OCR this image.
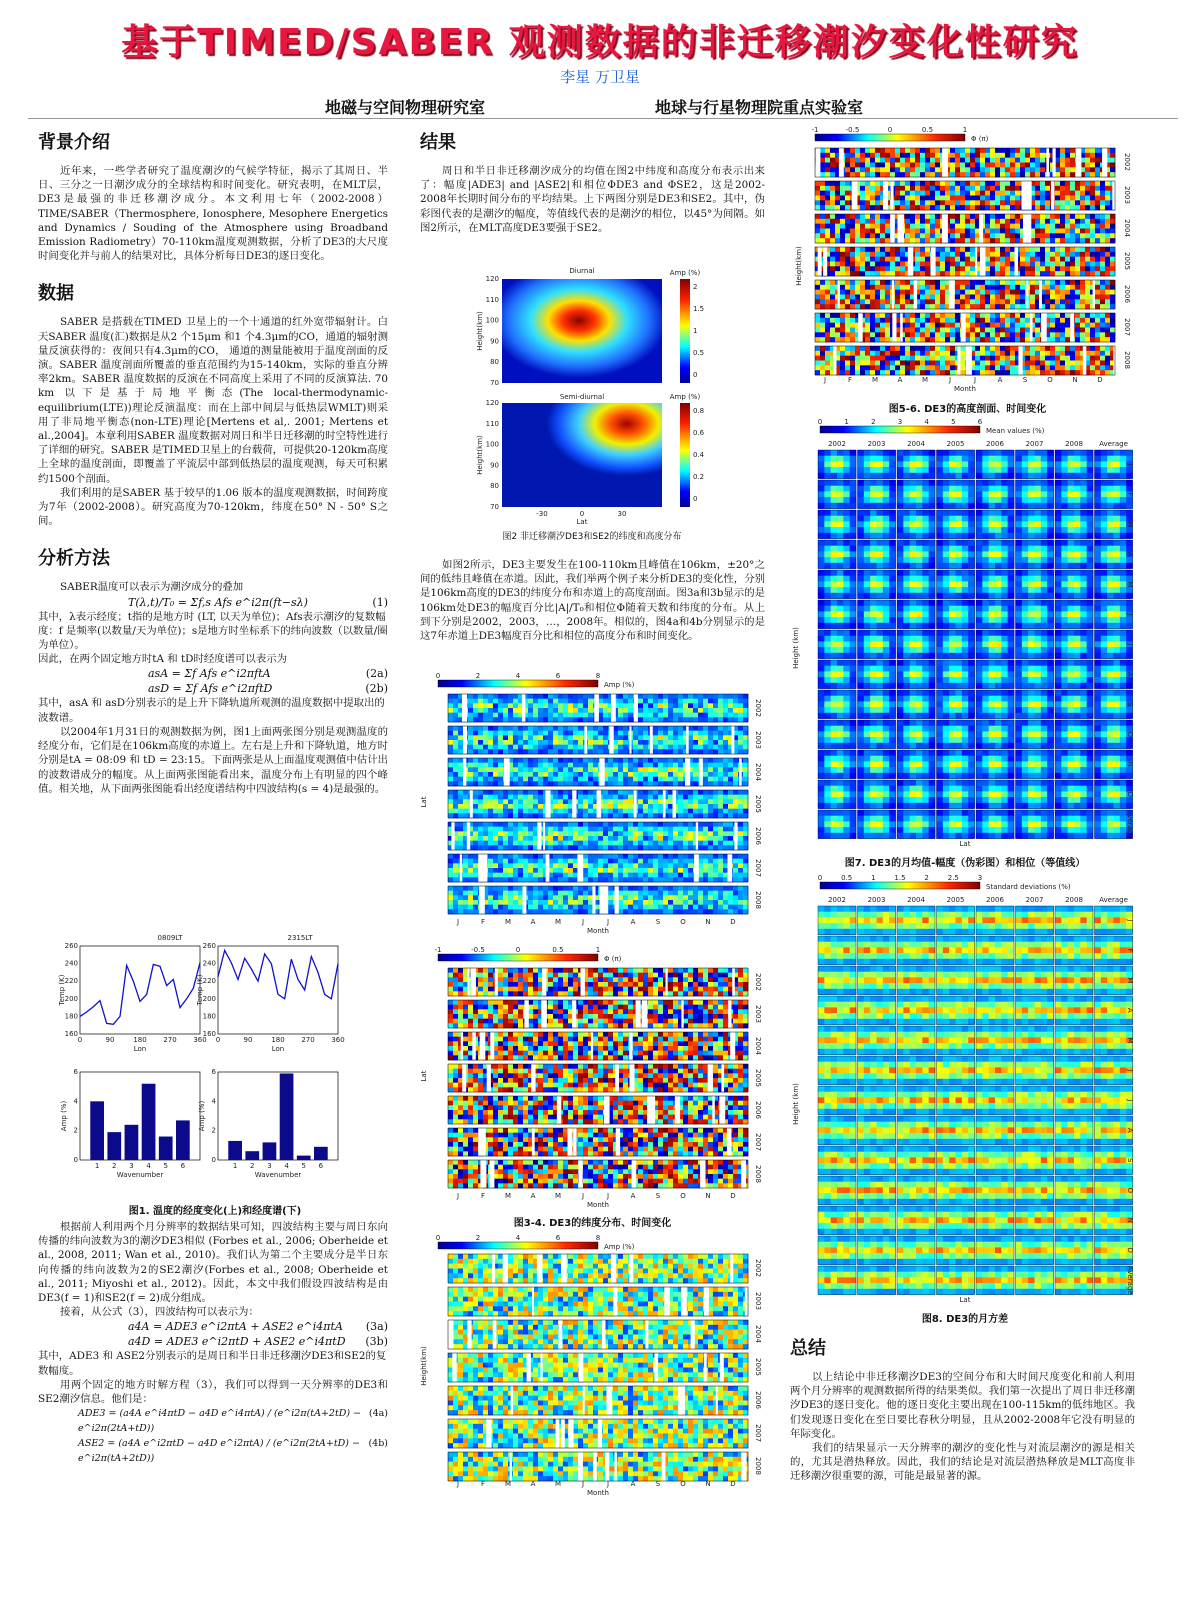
基于TIMED/SABER 观测数据的非迁移潮汐变化性研究
李星 万卫星
地磁与空间物理研究室	地球与行星物理院重点实验室
背景介绍

近年来，一些学者研究了温度潮汐的气候学特征，揭示了其周日、半日、三分之一日潮汐成分的全球结构和时间变化。研究表明，在MLT层，DE3是最强的非迁移潮汐成分。本文利用七年（2002-2008）TIME/SABER（Thermosphere, Ionosphere, Mesophere Energetics and Dynamics / Souding of the Atmosphere using Broadband Emission Radiometry）70-110km温度观测数据，分析了DE3的大尺度时间变化并与前人的结果对比，具体分析每日DE3的逐日变化。

数据

SABER 是搭载在TIMED 卫星上的一个十通道的红外宽带辐射计。白天SABER 温度(汇)数据是从2 个15μm 和1 个4.3μm的CO，通道的辐射测量反演获得的：夜间只有4.3μm的CO， 通道的测量能被用于温度剖面的反演。SABER 温度剖面所覆盖的垂直范围约为15-140km，实际的垂直分辨率2km。SABER 温度数据的反演在不同高度上采用了不同的反演算法. 70 km 以下是基于局地平衡态(The local-thermodynamic-equilibrium(LTE))理论反演温度：而在上部中间层与低热层WMLT)则采用了非局地平衡态(non-LTE)理论[Mertens et al,. 2001; Mertens et al.,2004]。本章利用SABER 温度数据对周日和半日迁移潮的时空特性进行了详细的研究。SABER 是TIMED卫星上的台载荷，可提供20-120km高度上全球的温度剖面，即覆盖了平流层中部到低热层的温度观测，每天可积累约1500个剖面。

我们利用的是SABER 基于较早的1.06 版本的温度观测数据，时间跨度为7年（2002-2008）。研究高度为70-120km，纬度在50° N - 50° S之间。

分析方法

SABER温度可以表示为潮汐成分的叠加

T(λ,t)/T₀ = Σf,s Afs e^i2π(ft−sλ)	(1)

其中，λ表示经度；t指的是地方时 (LT, 以天为单位)；Afs表示潮汐的复数幅度：f 是频率(以数量/天为单位)；s是地方时坐标系下的纬向波数（以数量/圈为单位）。

因此，在两个固定地方时tA 和 tD时经度谱可以表示为

asA = Σf Afs e^i2πftA	(2a)
asD = Σf Afs e^i2πftD	(2b)

其中，asA 和 asD分别表示的是上升下降轨道所观测的温度数据中提取出的波数谱。

以2004年1月31日的观测数据为例，图1上面两张图分别是观测温度的经度分布，它们是在106km高度的赤道上。左右是上升和下降轨道，地方时分别是tA = 08:09 和 tD = 23:15。下面两张是从上面温度观测值中估计出的波数谱成分的幅度。从上面两张图能看出来，温度分布上有明显的四个峰值。相关地，从下面两张图能看出经度谱结构中四波结构(s = 4)是最强的。

0809LT	2315LT
0	90	180 270 360
160
180
200
220
240
260
Lon
Temp (K)
0	90	180 270 360
160
180
200
220
240
260
Lon
Temp (K)
1 2 3 4 5 6
0
2
4
6
Wavenumber
Amp (%)
1 2 3 4 5 6
0
2
4
6
Wavenumber
Amp (%)
图1. 温度的经度变化(上)和经度谱(下)

根据前人利用两个月分辨率的数据结果可知，四波结构主要与周日东向传播的纬向波数为3的潮汐DE3相似 (Forbes et al., 2006; Oberheide et al., 2008, 2011; Wan et al., 2010)。我们认为第二个主要成分是半日东向传播的纬向波数为2的SE2潮汐(Forbes et al., 2008; Oberheide et al., 2011; Miyoshi et al., 2012)。因此，本文中我们假设四波结构是由DE3(f = 1)和SE2(f = 2)成分组成。

接着，从公式（3），四波结构可以表示为：

a4A = ADE3 e^i2πtA + ASE2 e^i4πtA (3a)
a4D = ADE3 e^i2πtD + ASE2 e^i4πtD (3b)

其中，ADE3 和 ASE2分别表示的是周日和半日非迁移潮汐DE3和SE2的复数幅度。

用两个固定的地方时解方程（3），我们可以得到一天分辨率的DE3和SE2潮汐信息。他们是：

ADE3 = (a4A e^i4πtD − a4D e^i4πtA) / (e^i2π(tA+2tD) − e^i2π(2tA+tD))
(4a)
ASE2 = (a4A e^i2πtD − a4D e^i2πtA) / (e^i2π(2tA+tD) − e^i2π(tA+2tD))
(4b)
结果

周日和半日非迁移潮汐成分的均值在图2中纬度和高度分布表示出来了：幅度|ADE3| and |ASE2|和相位ΦDE3 and ΦSE2，这是2002-2008年长期时间分布的平均结果。上下两图分别是DE3和SE2。其中，伪彩图代表的是潮汐的幅度，等值线代表的是潮汐的相位，以45°为间隔。如图2所示，在MLT高度DE3要强于SE2。

Diurnal	Amp (%)
Semi-diurnal	Amp (%)
120
110
100
90
80
70
Height(km)
2
1.5
1
0.5
0
120
110
100
90
80
70
Height(km)
0.8
0.6
0.4
0.2
0
-30	0	30
Lat
图2 非迁移潮汐DE3和SE2的纬度和高度分布

如图2所示，DE3主要发生在100-110km且峰值在106km，±20°之间的低纬且峰值在赤道。因此，我们举两个例子来分析DE3的变化性，分别是106km高度的DE3的纬度分布和赤道上的高度剖面。图3a和3b显示的是106km处DE3的幅度百分比|A|/T₀和相位Φ随着天数和纬度的分布。从上到下分别是2002，2003，…，2008年。相似的，图4a和4b分别显示的是这7年赤道上DE3幅度百分比和相位的高度分布和时间变化。

0	2	4	6	8
Amp (%)
2002
2003
2004
2005
2006
2007
2008
J	F	M	A	M	J	J	A	S	O	N	D
Month
Lat
-1	-0.5	0	0.5	1
Φ (π)
2002
2003
2004
2005
2006
2007
2008
J	F	M	A	M	J	J	A	S	O	N	D
Month
Lat
图3-4. DE3的纬度分布、时间变化
0	2	4	6	8
Amp (%)
2002
2003
2004
2005
2006
2007
2008
J	F	M	A	M	J	J	A	S	O	N	D
Month
Height(km)
-1	-0.5	0	0.5	1
Φ (π)
2002
2003
2004
2005
2006
2007
2008
J	F	M	A	M	J	J	A	S	O	N	D
Month
Height(km)
图5-6. DE3的高度剖面、时间变化
0	1	2	3	4	5	6
Mean values (%)
2002	2003	2004	2005	2006	2007	2008 Average
J
F
M
A
M
J
J
A
S
O
N
D
Average
Lat
Height (km)
图7. DE3的月均值-幅度（伪彩图）和相位（等值线）
0	0.5	1	1.5	2	2.5	3
Standard deviations (%)
2002	2003	2004	2005	2006	2007	2008 Average
J
F
M
A
M
J
J
A
S
O
N
D
Average
Lat
Height (km)
图8. DE3的月方差
总结

以上结论中非迁移潮汐DE3的空间分布和大时间尺度变化和前人利用两个月分辨率的观测数据所得的结果类似。我们第一次提出了周日非迁移潮汐DE3的逐日变化。他的逐日变化主要出现在100-115km的低纬地区。我们发现逐日变化在至日要比春秋分明显，且从2002-2008年它没有明显的年际变化。

我们的结果显示一天分辨率的潮汐的变化性与对流层潮汐的源是相关的，尤其是潜热释放。因此，我们的结论是对流层潜热释放是MLT高度非迁移潮汐很重要的源，可能是最显著的源。
